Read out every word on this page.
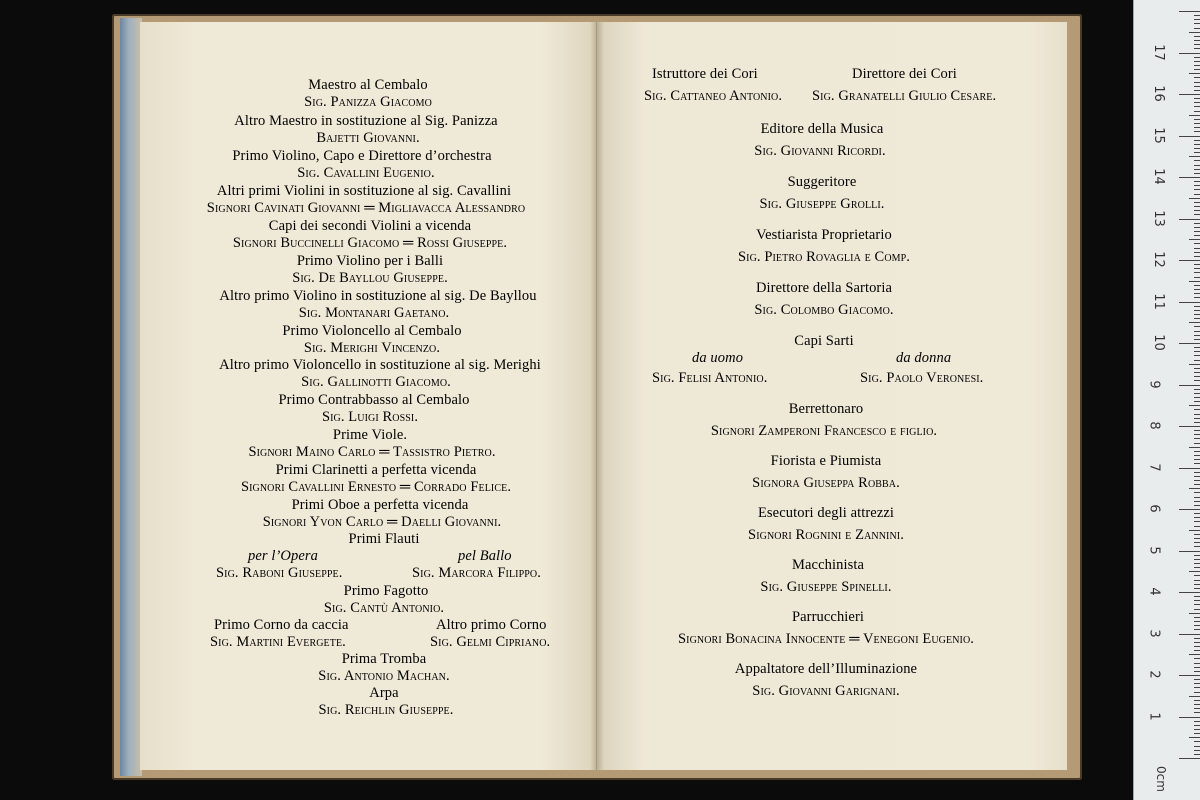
Maestro al Cembalo
Sig. Panizza Giacomo
Altro Maestro in sostituzione al Sig. Panizza
Bajetti Giovanni.
Primo Violino, Capo e Direttore d’orchestra
Sig. Cavallini Eugenio.
Altri primi Violini in sostituzione al sig. Cavallini
Signori Cavinati Giovanni ═ Migliavacca Alessandro
Capi dei secondi Violini a vicenda
Signori Buccinelli Giacomo ═ Rossi Giuseppe.
Primo Violino per i Balli
Sig. De Bayllou Giuseppe.
Altro primo Violino in sostituzione al sig. De Bayllou
Sig. Montanari Gaetano.
Primo Violoncello al Cembalo
Sig. Merighi Vincenzo.
Altro primo Violoncello in sostituzione al sig. Merighi
Sig. Gallinotti Giacomo.
Primo Contrabbasso al Cembalo
Sig. Luigi Rossi.
Prime Viole.
Signori Maino Carlo ═ Tassistro Pietro.
Primi Clarinetti a perfetta vicenda
Signori Cavallini Ernesto ═ Corrado Felice.
Primi Oboe a perfetta vicenda
Signori Yvon Carlo ═ Daelli Giovanni.
Primi Flauti
per l’Opera	pel Ballo
Sig. Raboni Giuseppe.	Sig. Marcora Filippo.
Primo Fagotto
Sig. Cantù Antonio.
Primo Corno da caccia	Altro primo Corno
Sig. Martini Evergete.	Sig. Gelmi Cipriano.
Prima Tromba
Sig. Antonio Machan.
Arpa
Sig. Reichlin Giuseppe.
Istruttore dei Cori	Direttore dei Cori
Sig. Cattaneo Antonio. Sig. Granatelli Giulio Cesare.
Editore della Musica
Sig. Giovanni Ricordi.
Suggeritore
Sig. Giuseppe Grolli.
Vestiarista Proprietario
Sig. Pietro Rovaglia e Comp.
Direttore della Sartoria
Sig. Colombo Giacomo.
Capi Sarti
da uomo	da donna
Sig. Felisi Antonio.	Sig. Paolo Veronesi.
Berrettonaro
Signori Zamperoni Francesco e figlio.
Fiorista e Piumista
Signora Giuseppa Robba.
Esecutori degli attrezzi
Signori Rognini e Zannini.
Macchinista
Sig. Giuseppe Spinelli.
Parrucchieri
Signori Bonacina Innocente ═ Venegoni Eugenio.
Appaltatore dell’Illuminazione
Sig. Giovanni Garignani.
0cm
1
2
3
4
5
6
7
8
9
10
11
12
13
14
15
16
17
